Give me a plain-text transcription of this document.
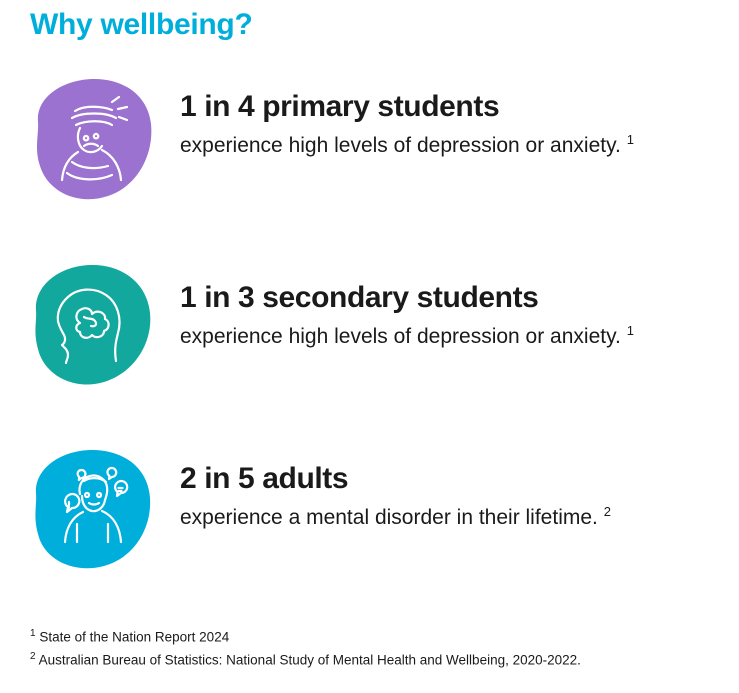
Why wellbeing?
1 in 4 primary students
experience high levels of depression or anxiety. $^1$
1 in 3 secondary students
experience high levels of depression or anxiety. $^1$
2 in 5 adults
experience a mental disorder in their lifetime. $^2$
$^1$ State of the Nation Report 2024
$^2$ Australian Bureau of Statistics: National Study of Mental Health and Wellbeing, 2020-2022.
